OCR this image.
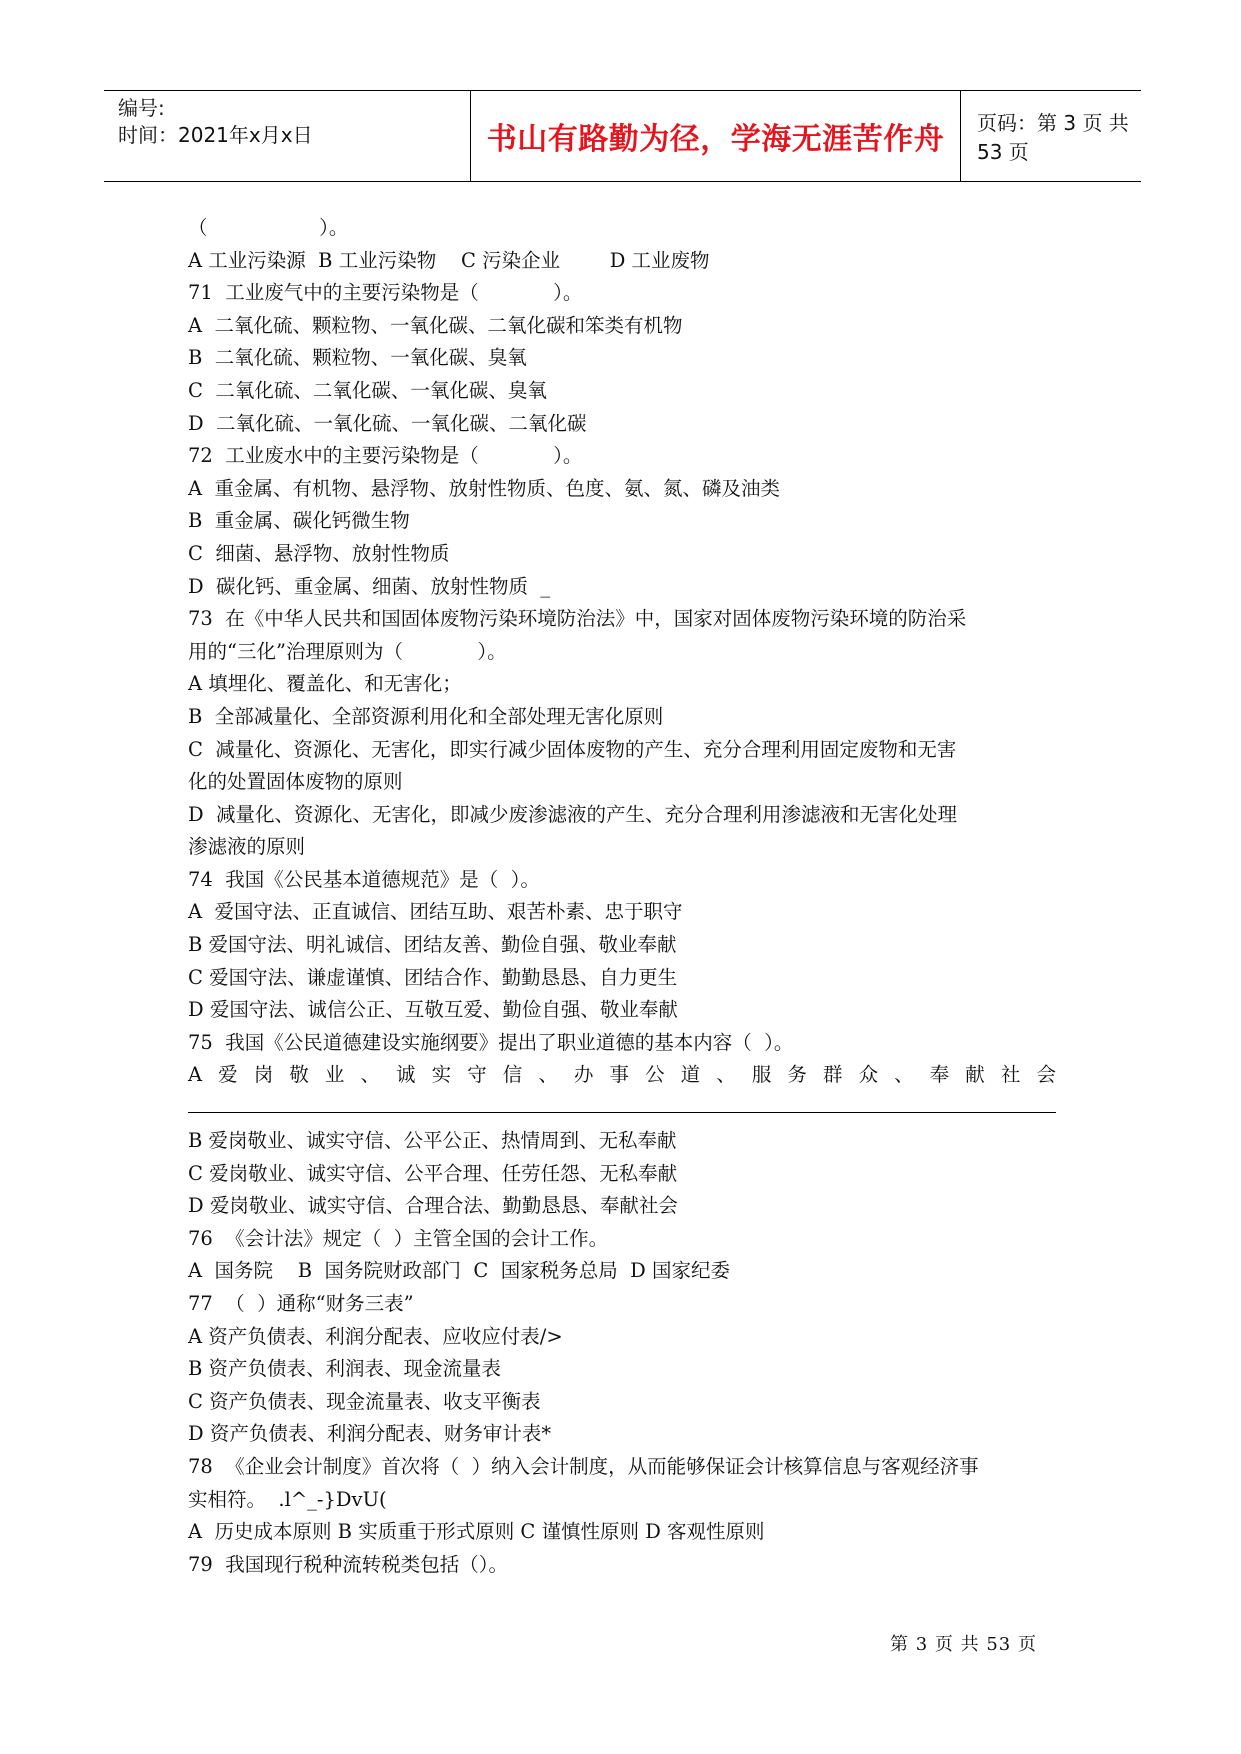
编号:
时间：2021年x月x日	书山有路勤为径，学海无涯苦作舟	页码：第 3 页 共 53 页
（                  ）。
A 工业污染源  B 工业污染物    C 污染企业        D 工业废物
71  工业废气中的主要污染物是（            ）。
A  二氧化硫、颗粒物、一氧化碳、二氧化碳和笨类有机物
B  二氧化硫、颗粒物、一氧化碳、臭氧
C  二氧化硫、二氧化碳、一氧化碳、臭氧
D  二氧化硫、一氧化硫、一氧化碳、二氧化碳
72  工业废水中的主要污染物是（            ）。
A  重金属、有机物、悬浮物、放射性物质、色度、氨、氮、磷及油类
B  重金属、碳化钙微生物
C  细菌、悬浮物、放射性物质
D  碳化钙、重金属、细菌、放射性物质  _
73  在《中华人民共和国固体废物污染环境防治法》中，国家对固体废物污染环境的防治采
用的“三化”治理原则为（            ）。
A 填埋化、覆盖化、和无害化；
B  全部减量化、全部资源利用化和全部处理无害化原则
C  减量化、资源化、无害化，即实行减少固体废物的产生、充分合理利用固定废物和无害
化的处置固体废物的原则
D  减量化、资源化、无害化，即减少废渗滤液的产生、充分合理利用渗滤液和无害化处理
渗滤液的原则
74  我国《公民基本道德规范》是（  ）。
A  爱国守法、正直诚信、团结互助、艰苦朴素、忠于职守
B 爱国守法、明礼诚信、团结友善、勤俭自强、敬业奉献
C 爱国守法、谦虚谨慎、团结合作、勤勤恳恳、自力更生
D 爱国守法、诚信公正、互敬互爱、勤俭自强、敬业奉献
75  我国《公民道德建设实施纲要》提出了职业道德的基本内容（  ）。
A 爱 岗 敬 业 、 诚 实 守 信 、 办 事 公 道 、 服 务 群 众 、 奉 献 社 会
B 爱岗敬业、诚实守信、公平公正、热情周到、无私奉献
C 爱岗敬业、诚实守信、公平合理、任劳任怨、无私奉献
D 爱岗敬业、诚实守信、合理合法、勤勤恳恳、奉献社会
76  《会计法》规定（  ）主管全国的会计工作。
A  国务院    B  国务院财政部门  C  国家税务总局  D 国家纪委
77  （  ）通称“财务三表”
A 资产负债表、利润分配表、应收应付表/>
B 资产负债表、利润表、现金流量表
C 资产负债表、现金流量表、收支平衡表
D 资产负债表、利润分配表、财务审计表*
78  《企业会计制度》首次将（  ）纳入会计制度，从而能够保证会计核算信息与客观经济事
实相符。  .l^_-}DvU(
A  历史成本原则 B 实质重于形式原则 C 谨慎性原则 D 客观性原则
79  我国现行税种流转税类包括（）。
第 3 页 共 53 页
